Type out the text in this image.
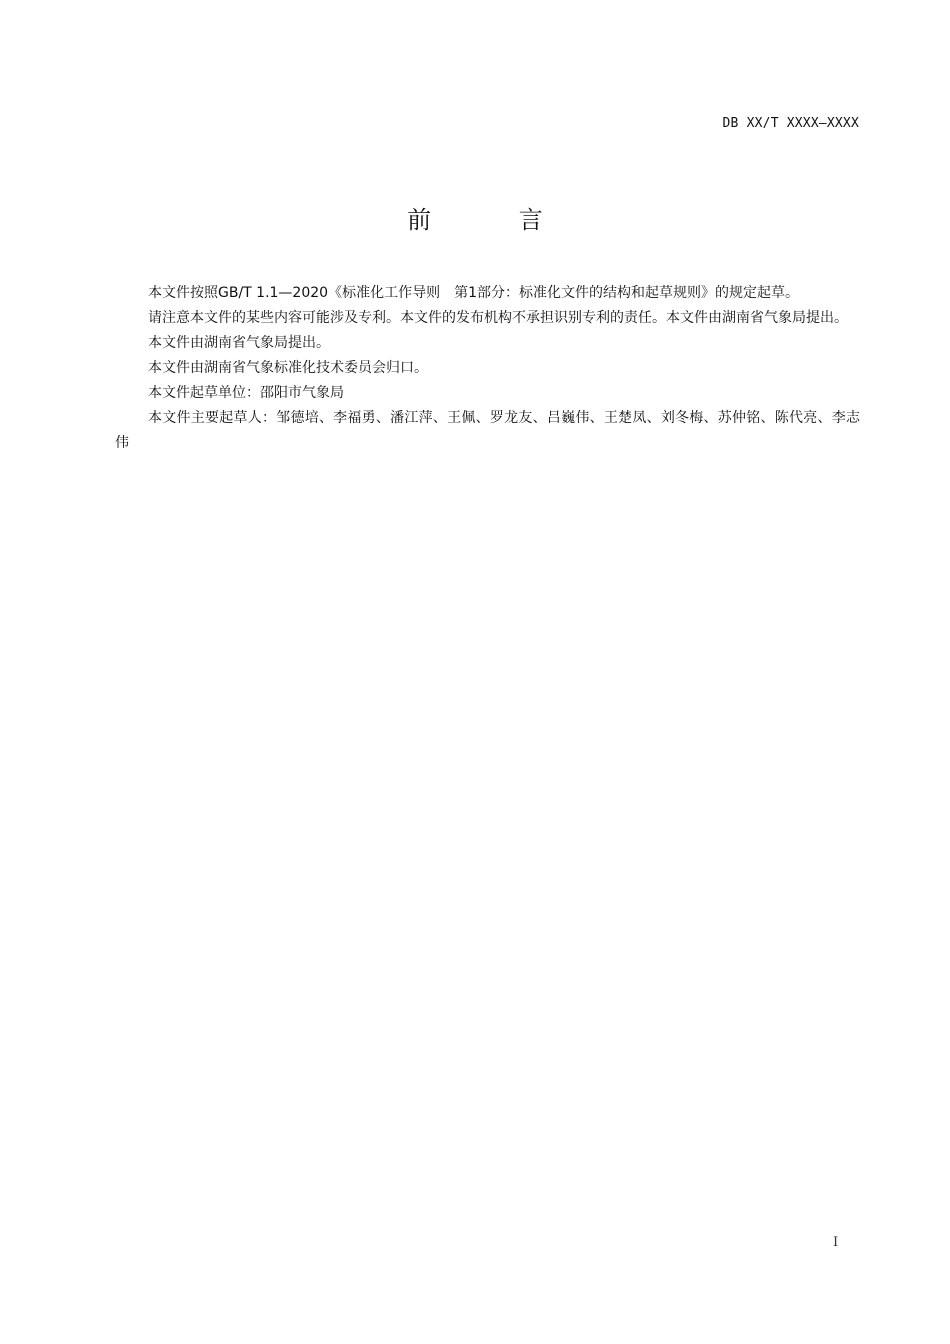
DB XX/T XXXX—XXXX
前 言

本文件按照GB/T 1.1—2020《标准化工作导则　第1部分：标准化文件的结构和起草规则》的规定起草。

请注意本文件的某些内容可能涉及专利。本文件的发布机构不承担识别专利的责任。本文件由湖南省气象局提出。

本文件由湖南省气象局提出。

本文件由湖南省气象标准化技术委员会归口。

本文件起草单位：邵阳市气象局

本文件主要起草人：邹德培、李福勇、潘江萍、王佩、罗龙友、吕巍伟、王楚凤、刘冬梅、苏仲铭、陈代亮、李志伟

I
